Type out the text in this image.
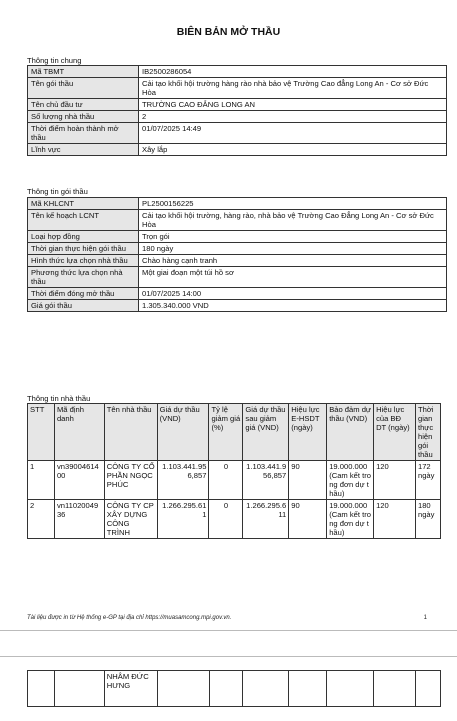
BIÊN BẢN MỞ THẦU
Thông tin chung
Mã TBMT	IB2500286054
Tên gói thầu	Cải tạo khối hội trường hàng rào nhà bảo vệ Trường Cao đẳng Long An - Cơ sở Đức Hòa
Tên chủ đầu tư	TRƯỜNG CAO ĐẲNG LONG AN
Số lượng nhà thầu	2
Thời điểm hoàn thành mở thầu	01/07/2025 14:49
Lĩnh vực	Xây lắp
Thông tin gói thầu
Mã KHLCNT	PL2500156225
Tên kế hoạch LCNT	Cải tạo khối hội trường, hàng rào, nhà bảo vệ Trường Cao Đẳng Long An - Cơ sở Đức Hòa
Loại hợp đồng	Trọn gói
Thời gian thực hiện gói thầu	180 ngày
Hình thức lựa chọn nhà thầu	Chào hàng cạnh tranh
Phương thức lựa chọn nhà thầu	Một giai đoạn một túi hồ sơ
Thời điểm đóng mở thầu	01/07/2025 14:00
Giá gói thầu	1.305.340.000 VND
Thông tin nhà thầu
STT	Mã định danh	Tên nhà thầu	Giá dự thầu (VND)	Tỷ lệ giảm giá (%)	Giá dự thầu sau giảm giá (VND)	Hiệu lực E-HSDT (ngày)	Bảo đảm dự thầu (VND)	Hiệu lực của BĐ DT (ngày)	Thời gian thực hiện gói thầu
1	vn3900461400	CÔNG TY CỔ PHẦN NGỌC PHÚC	1.103.441.956,857	0	1.103.441.956,857	90	19.000.000 (Cam kết trong đơn dự thầu)	120	172 ngày
2	vn1102004936	CÔNG TY CP XÂY DỰNG CÔNG TRÌNH	1.266.295.611	0	1.266.295.611	90	19.000.000 (Cam kết trong đơn dự thầu)	120	180 ngày
Tài liệu được in từ Hệ thống e-GP tại địa chỉ https://muasamcong.mpi.gov.vn.	1
		NHÂM ĐỨC HƯNG							
